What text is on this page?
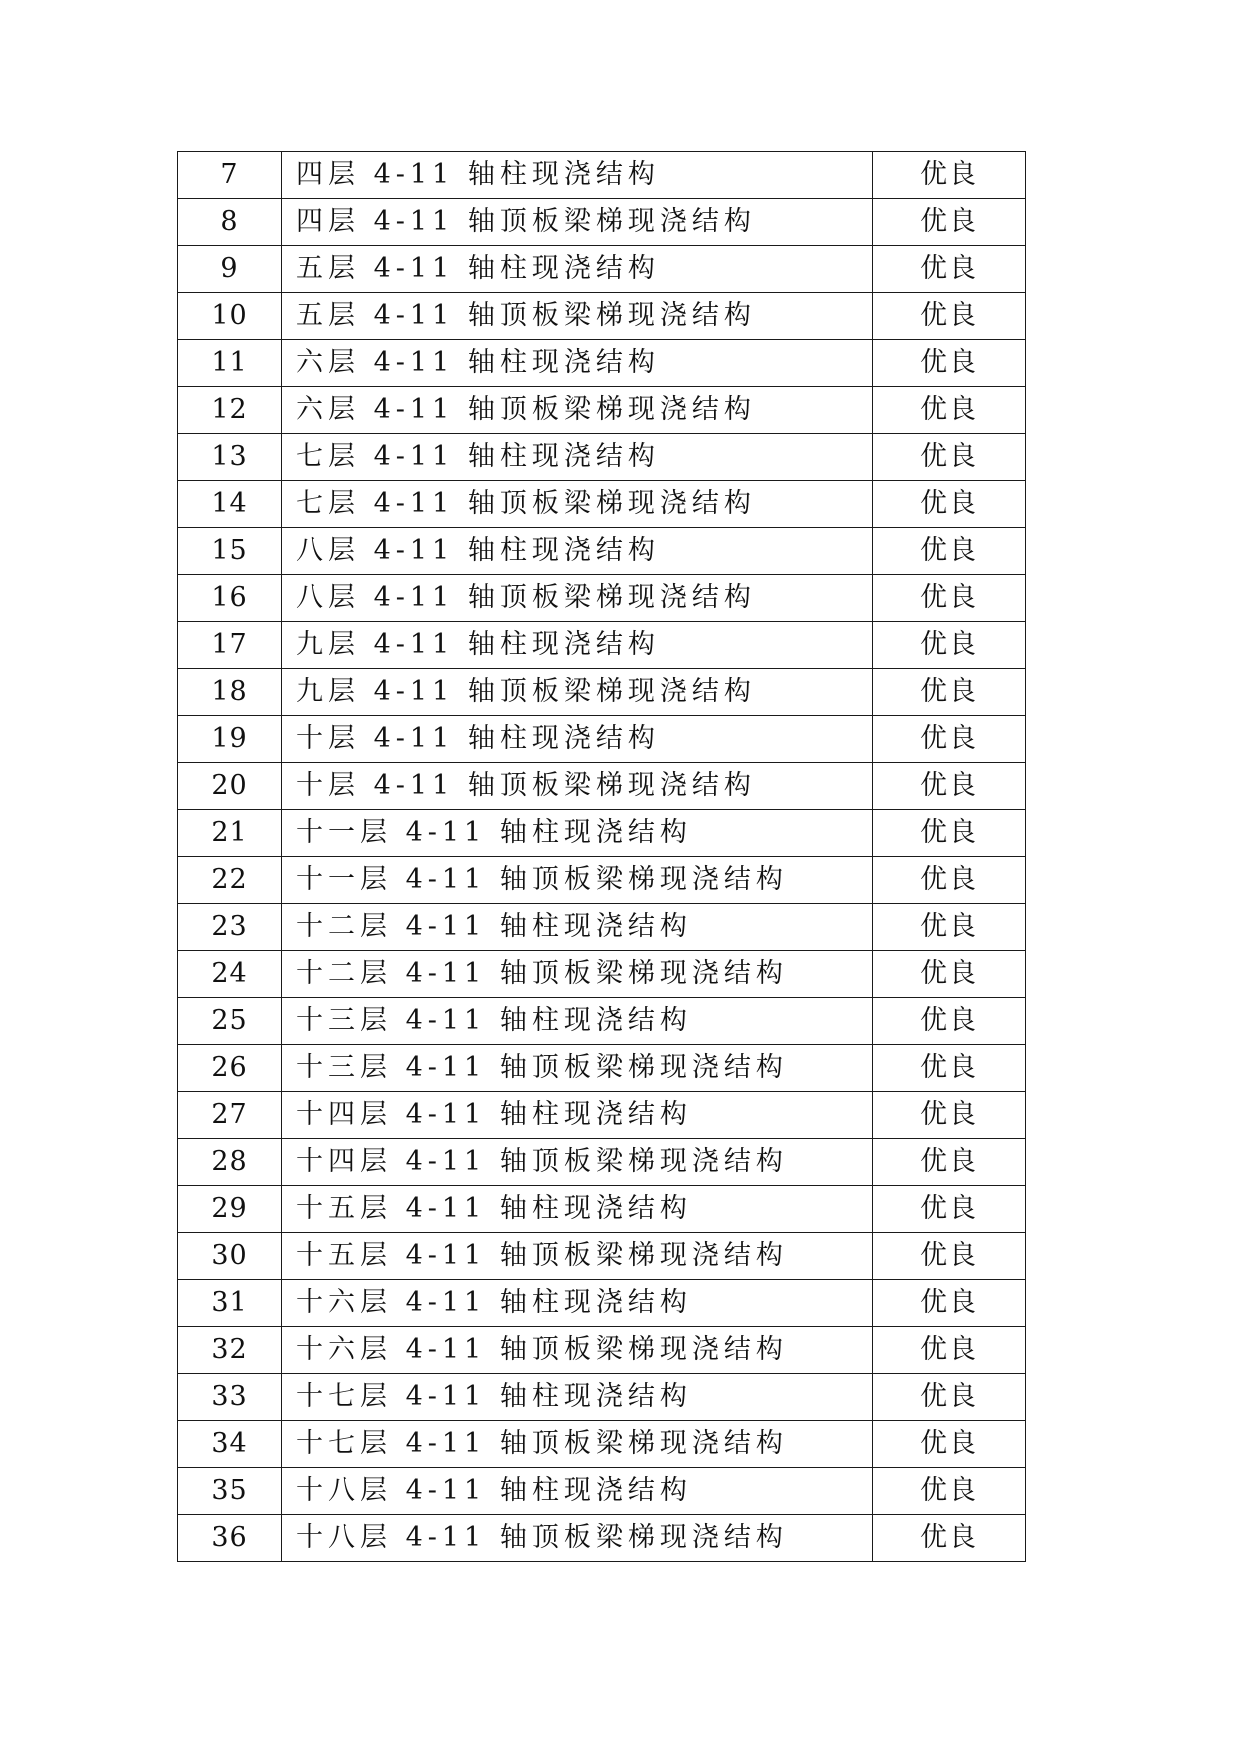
7	四层 4-11 轴柱现浇结构	优良
8	四层 4-11 轴顶板梁梯现浇结构	优良
9	五层 4-11 轴柱现浇结构	优良
10	五层 4-11 轴顶板梁梯现浇结构	优良
11	六层 4-11 轴柱现浇结构	优良
12	六层 4-11 轴顶板梁梯现浇结构	优良
13	七层 4-11 轴柱现浇结构	优良
14	七层 4-11 轴顶板梁梯现浇结构	优良
15	八层 4-11 轴柱现浇结构	优良
16	八层 4-11 轴顶板梁梯现浇结构	优良
17	九层 4-11 轴柱现浇结构	优良
18	九层 4-11 轴顶板梁梯现浇结构	优良
19	十层 4-11 轴柱现浇结构	优良
20	十层 4-11 轴顶板梁梯现浇结构	优良
21	十一层 4-11 轴柱现浇结构	优良
22	十一层 4-11 轴顶板梁梯现浇结构	优良
23	十二层 4-11 轴柱现浇结构	优良
24	十二层 4-11 轴顶板梁梯现浇结构	优良
25	十三层 4-11 轴柱现浇结构	优良
26	十三层 4-11 轴顶板梁梯现浇结构	优良
27	十四层 4-11 轴柱现浇结构	优良
28	十四层 4-11 轴顶板梁梯现浇结构	优良
29	十五层 4-11 轴柱现浇结构	优良
30	十五层 4-11 轴顶板梁梯现浇结构	优良
31	十六层 4-11 轴柱现浇结构	优良
32	十六层 4-11 轴顶板梁梯现浇结构	优良
33	十七层 4-11 轴柱现浇结构	优良
34	十七层 4-11 轴顶板梁梯现浇结构	优良
35	十八层 4-11 轴柱现浇结构	优良
36	十八层 4-11 轴顶板梁梯现浇结构	优良
